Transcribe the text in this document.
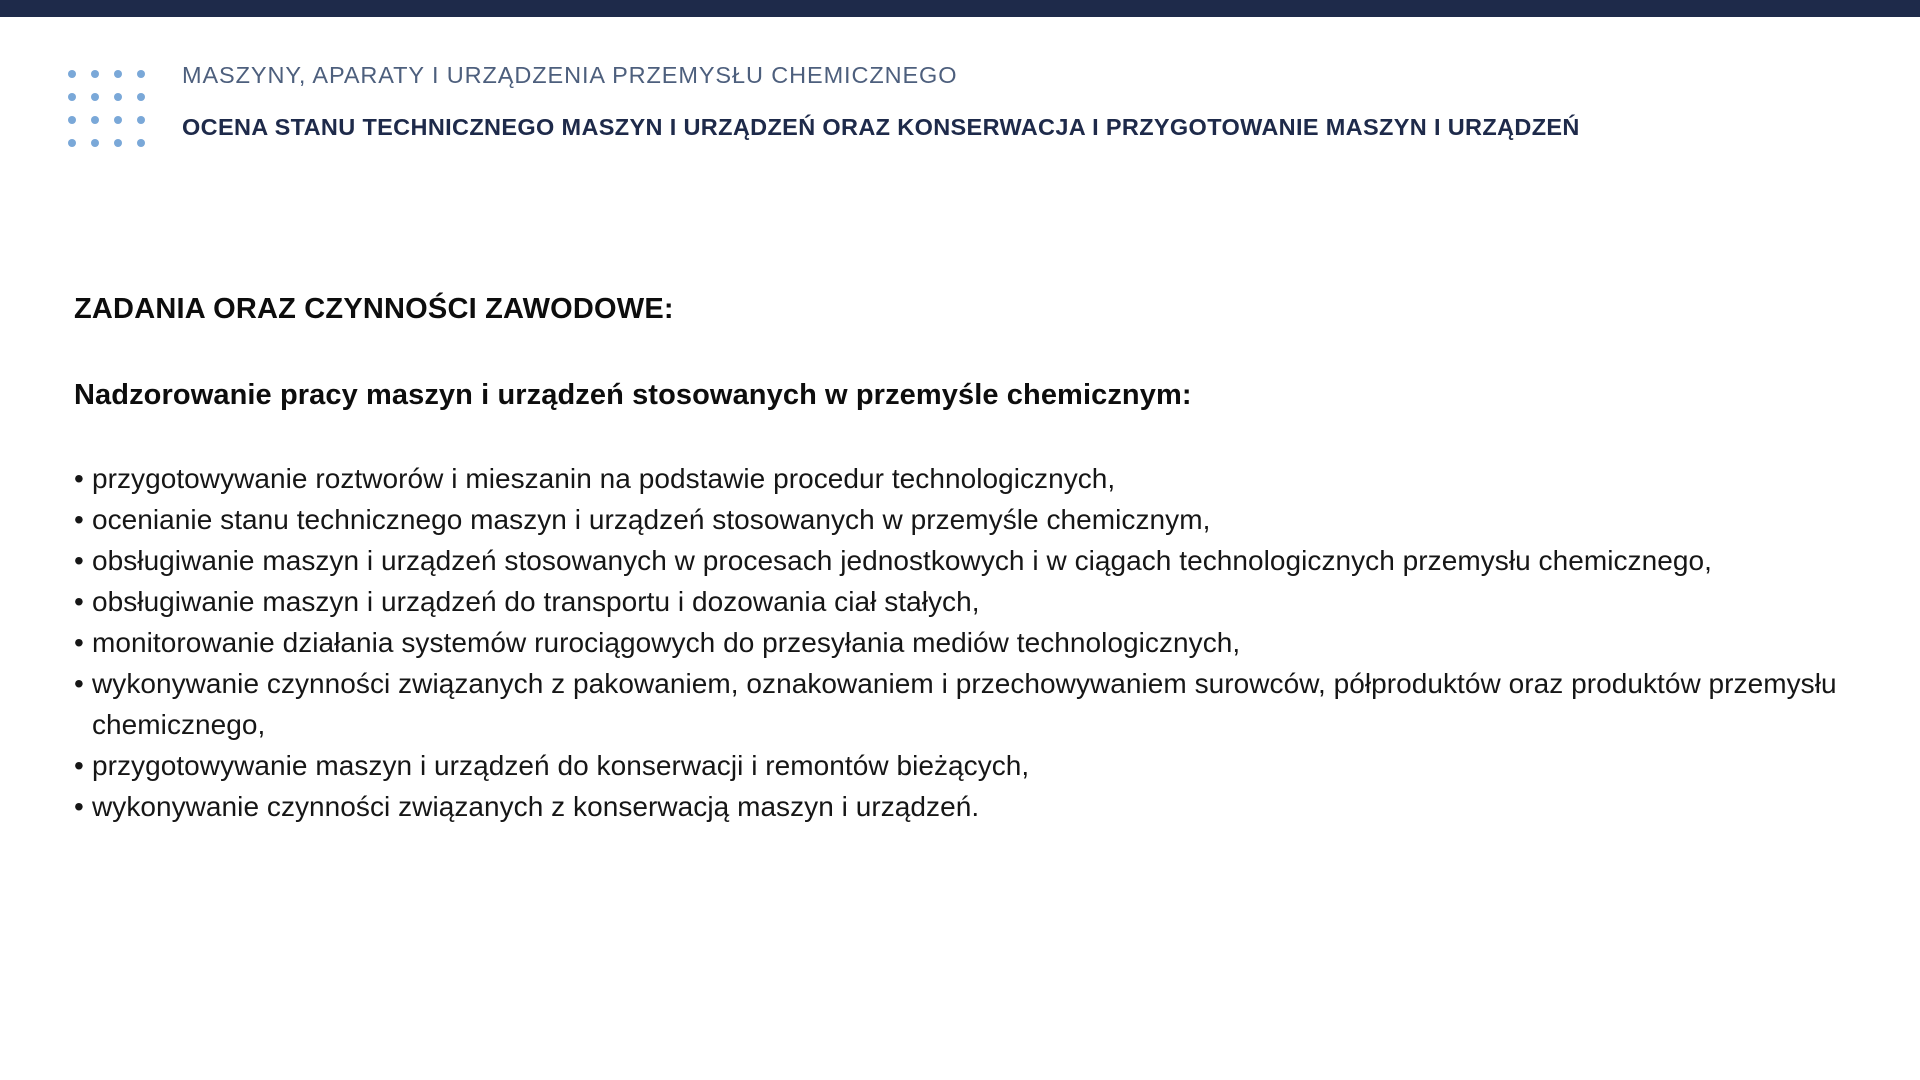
MASZYNY, APARATY I URZĄDZENIA PRZEMYSŁU CHEMICZNEGO
OCENA STANU TECHNICZNEGO MASZYN I URZĄDZEŃ ORAZ KONSERWACJA I PRZYGOTOWANIE MASZYN I URZĄDZEŃ
ZADANIA ORAZ CZYNNOŚCI ZAWODOWE:
Nadzorowanie pracy maszyn i urządzeń stosowanych w przemyśle chemicznym:
• przygotowywanie roztworów i mieszanin na podstawie procedur technologicznych,
• ocenianie stanu technicznego maszyn i urządzeń stosowanych w przemyśle chemicznym,
• obsługiwanie maszyn i urządzeń stosowanych w procesach jednostkowych i w ciągach technologicznych przemysłu chemicznego,
• obsługiwanie maszyn i urządzeń do transportu i dozowania ciał stałych,
• monitorowanie działania systemów rurociągowych do przesyłania mediów technologicznych,
• wykonywanie czynności związanych z pakowaniem, oznakowaniem i przechowywaniem surowców, półproduktów oraz produktów przemysłu chemicznego,
• przygotowywanie maszyn i urządzeń do konserwacji i remontów bieżących,
• wykonywanie czynności związanych z konserwacją maszyn i urządzeń.
